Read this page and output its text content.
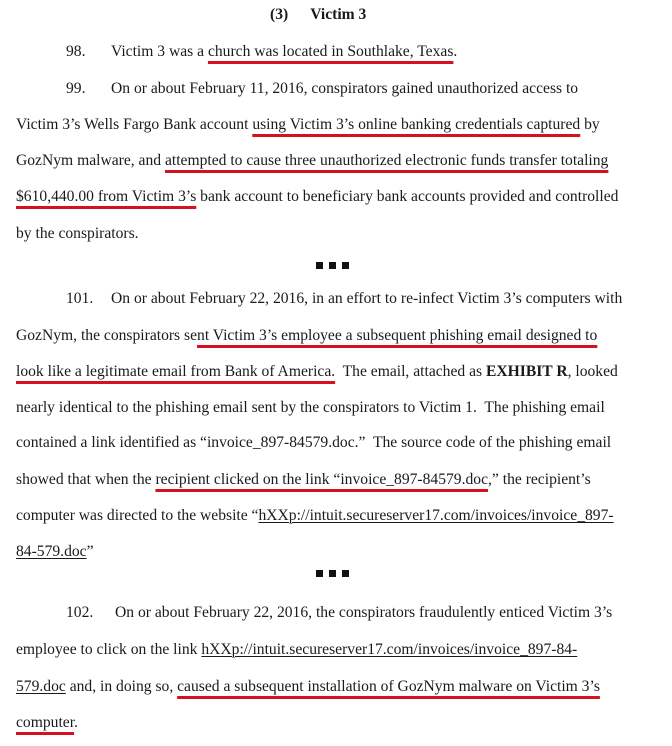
(3) Victim 3
98. Victim 3 was a church was located in Southlake, Texas.
99. On or about February 11, 2016, conspirators gained unauthorized access to
Victim 3’s Wells Fargo Bank account using Victim 3’s online banking credentials captured by
GozNym malware, and attempted to cause three unauthorized electronic funds transfer totaling
$610,440.00 from Victim 3’s bank account to beneficiary bank accounts provided and controlled
by the conspirators.
101. On or about February 22, 2016, in an effort to re-infect Victim 3’s computers with
GozNym, the conspirators sent Victim 3’s employee a subsequent phishing email designed to
look like a legitimate email from Bank of America.  The email, attached as EXHIBIT R, looked
nearly identical to the phishing email sent by the conspirators to Victim 1.  The phishing email
contained a link identified as “invoice_897-84579.doc.”  The source code of the phishing email
showed that when the recipient clicked on the link “invoice_897-84579.doc,” the recipient’s
computer was directed to the website “hXXp://intuit.secureserver17.com/invoices/invoice_897-
84-579.doc”
102. On or about February 22, 2016, the conspirators fraudulently enticed Victim 3’s
employee to click on the link hXXp://intuit.secureserver17.com/invoices/invoice_897-84-
579.doc and, in doing so, caused a subsequent installation of GozNym malware on Victim 3’s
computer.
